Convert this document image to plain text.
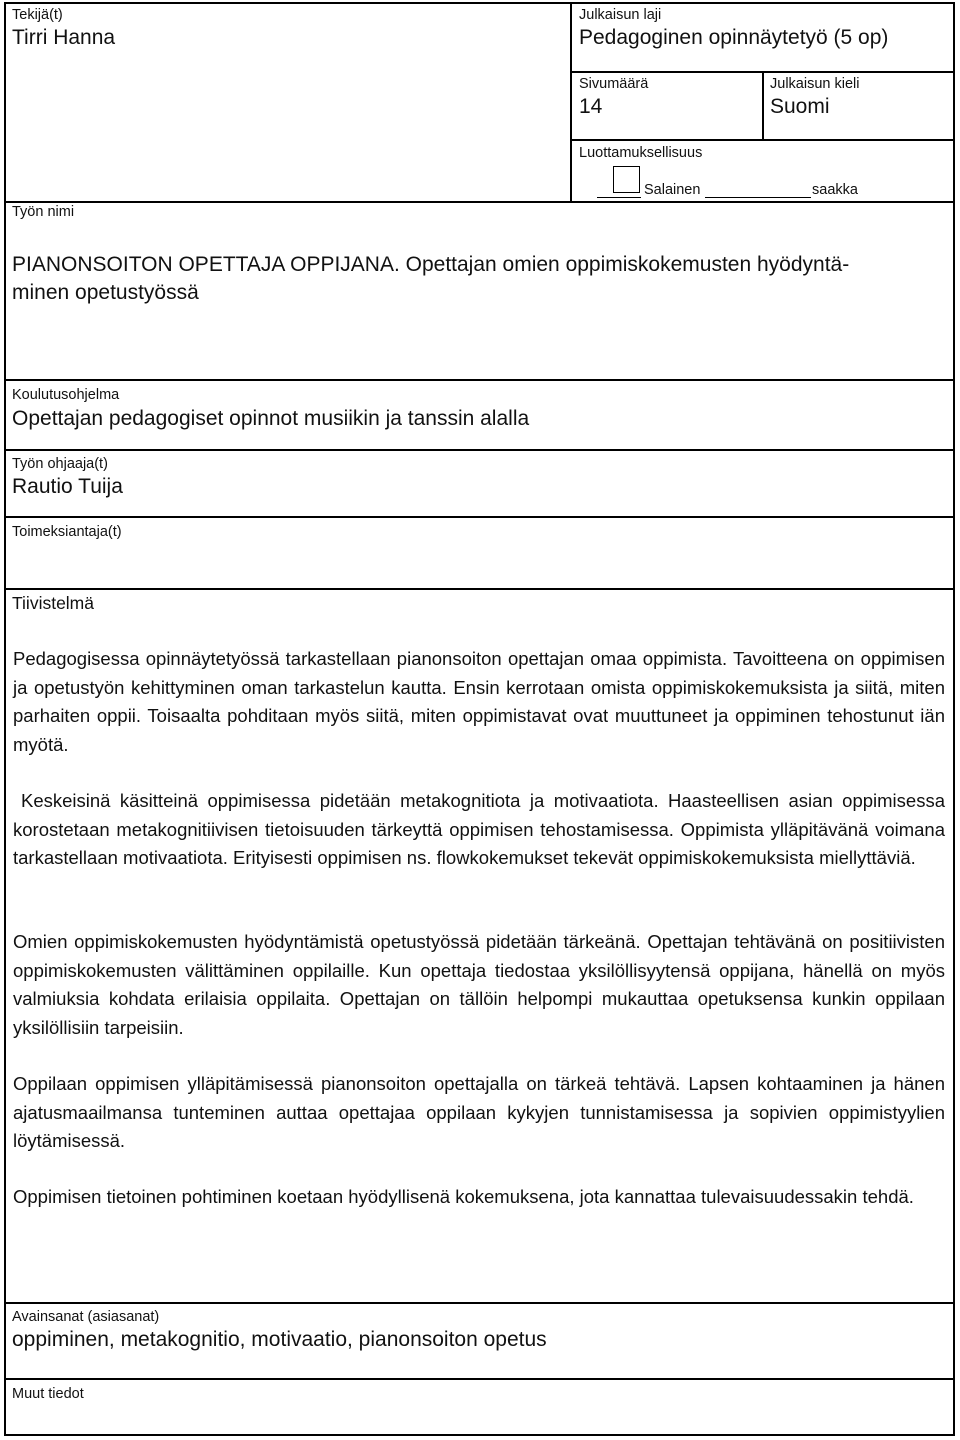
Tekijä(t)
Tirri Hanna
Julkaisun laji
Pedagoginen opinnäytetyö (5 op)
Sivumäärä
14
Julkaisun kieli
Suomi
Luottamuksellisuus
Salainen	saakka
Työn nimi
PIANONSOITON OPETTAJA OPPIJANA. Opettajan omien oppimiskokemusten hyödyntä-
minen opetustyössä
Koulutusohjelma
Opettajan pedagogiset opinnot musiikin ja tanssin alalla
Työn ohjaaja(t)
Rautio Tuija
Toimeksiantaja(t)
Tiivistelmä

Pedagogisessa opinnäytetyössä tarkastellaan pianonsoiton opettajan omaa oppimista. Tavoitteena on oppimisen ja opetustyön kehittyminen oman tarkastelun kautta. Ensin kerrotaan omista oppimiskokemuksista ja siitä, miten parhaiten oppii. Toisaalta pohditaan myös siitä, miten oppimistavat ovat muuttuneet ja oppiminen tehostunut iän myötä.

Keskeisinä käsitteinä oppimisessa pidetään metakognitiota ja motivaatiota. Haasteellisen asian oppimisessa korostetaan metakognitiivisen tietoisuuden tärkeyttä oppimisen tehostamisessa. Oppimista ylläpitävänä voimana tarkastellaan motivaatiota. Erityisesti oppimisen ns. flowkokemukset tekevät oppimiskokemuksista miellyttäviä.

Omien oppimiskokemusten hyödyntämistä opetustyössä pidetään tärkeänä. Opettajan tehtävänä on positiivisten oppimiskokemusten välittäminen oppilaille. Kun opettaja tiedostaa yksilöllisyytensä oppijana, hänellä on myös valmiuksia kohdata erilaisia oppilaita. Opettajan on tällöin helpompi mukauttaa opetuksensa kunkin oppilaan yksilöllisiin tarpeisiin.

Oppilaan oppimisen ylläpitämisessä pianonsoiton opettajalla on tärkeä tehtävä. Lapsen kohtaaminen ja hänen ajatusmaailmansa tunteminen auttaa opettajaa oppilaan kykyjen tunnistamisessa ja sopivien oppimistyylien löytämisessä.

Oppimisen tietoinen pohtiminen koetaan hyödyllisenä kokemuksena, jota kannattaa tulevaisuudessakin tehdä.

Avainsanat (asiasanat)
oppiminen, metakognitio, motivaatio, pianonsoiton opetus
Muut tiedot
